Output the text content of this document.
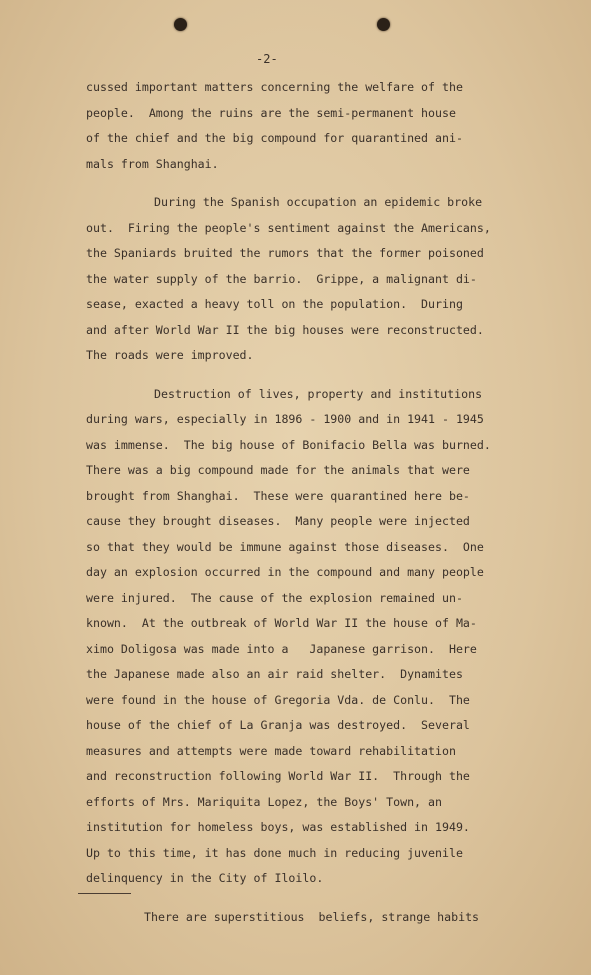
-2-
cussed important matters concerning the welfare of the
people.  Among the ruins are the semi-permanent house
of the chief and the big compound for quarantined ani-
mals from Shanghai.
During the Spanish occupation an epidemic broke
out.  Firing the people's sentiment against the Americans,
the Spaniards bruited the rumors that the former poisoned
the water supply of the barrio.  Grippe, a malignant di-
sease, exacted a heavy toll on the population.  During
and after World War II the big houses were reconstructed.
The roads were improved.
Destruction of lives, property and institutions
during wars, especially in 1896 - 1900 and in 1941 - 1945
was immense.  The big house of Bonifacio Bella was burned.
There was a big compound made for the animals that were
brought from Shanghai.  These were quarantined here be-
cause they brought diseases.  Many people were injected
so that they would be immune against those diseases.  One
day an explosion occurred in the compound and many people
were injured.  The cause of the explosion remained un-
known.  At the outbreak of World War II the house of Ma-
ximo Doligosa was made into a   Japanese garrison.  Here
the Japanese made also an air raid shelter.  Dynamites
were found in the house of Gregoria Vda. de Conlu.  The
house of the chief of La Granja was destroyed.  Several
measures and attempts were made toward rehabilitation
and reconstruction following World War II.  Through the
efforts of Mrs. Mariquita Lopez, the Boys' Town, an
institution for homeless boys, was established in 1949.
Up to this time, it has done much in reducing juvenile
delinquency in the City of Iloilo.
There are superstitious  beliefs, strange habits
